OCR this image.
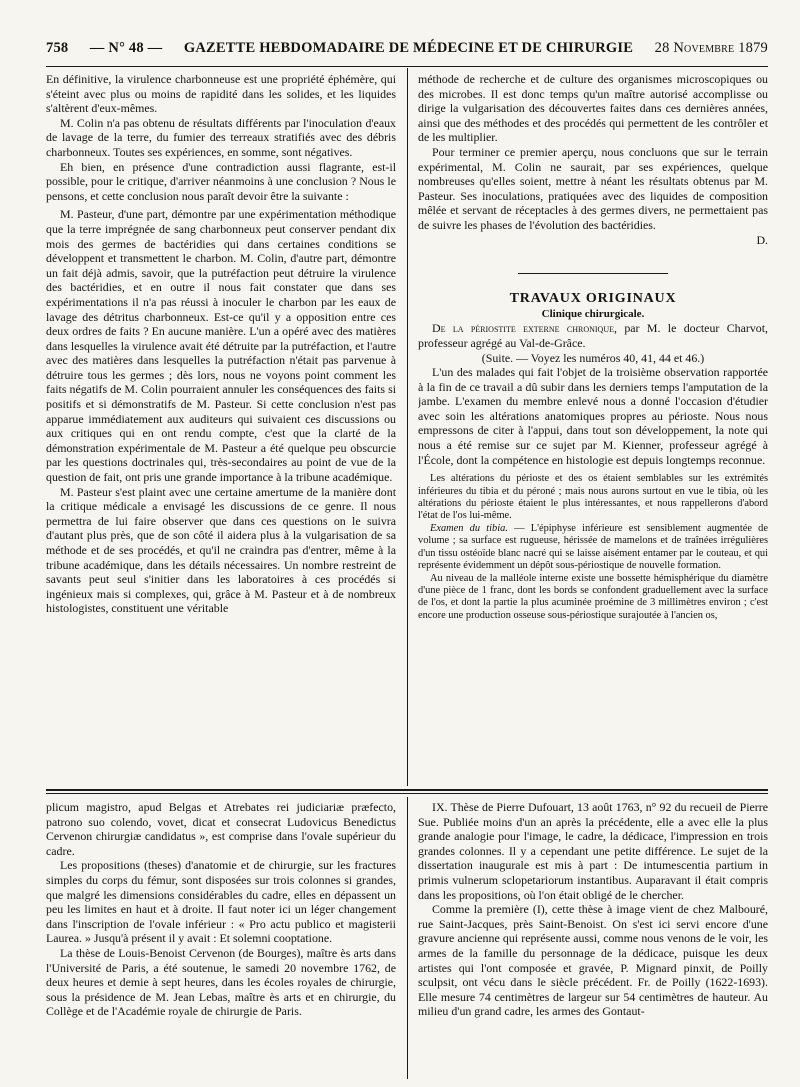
758 — N° 48 — GAZETTE HEBDOMADAIRE DE MÉDECINE ET DE CHIRURGIE 28 Novembre 1879

En définitive, la virulence charbonneuse est une propriété éphémère, qui s'éteint avec plus ou moins de rapidité dans les solides, et les liquides s'altèrent d'eux-mêmes.

M. Colin n'a pas obtenu de résultats différents par l'inoculation d'eaux de lavage de la terre, du fumier des terreaux stratifiés avec des débris charbonneux. Toutes ses expériences, en somme, sont négatives.

Eh bien, en présence d'une contradiction aussi flagrante, est-il possible, pour le critique, d'arriver néanmoins à une conclusion ? Nous le pensons, et cette conclusion nous paraît devoir être la suivante :

M. Pasteur, d'une part, démontre par une expérimentation méthodique que la terre imprégnée de sang charbonneux peut conserver pendant dix mois des germes de bactéridies qui dans certaines conditions se développent et transmettent le charbon. M. Colin, d'autre part, démontre un fait déjà admis, savoir, que la putréfaction peut détruire la virulence des bactéridies, et en outre il nous fait constater que dans ses expérimentations il n'a pas réussi à inoculer le charbon par les eaux de lavage des détritus charbonneux. Est-ce qu'il y a opposition entre ces deux ordres de faits ? En aucune manière. L'un a opéré avec des matières dans lesquelles la virulence avait été détruite par la putréfaction, et l'autre avec des matières dans lesquelles la putréfaction n'était pas parvenue à détruire tous les germes ; dès lors, nous ne voyons point comment les faits négatifs de M. Colin pourraient annuler les conséquences des faits si positifs et si démonstratifs de M. Pasteur. Si cette conclusion n'est pas apparue immédiatement aux auditeurs qui suivaient ces discussions ou aux critiques qui en ont rendu compte, c'est que la clarté de la démonstration expérimentale de M. Pasteur a été quelque peu obscurcie par les questions doctrinales qui, très-secondaires au point de vue de la question de fait, ont pris une grande importance à la tribune académique.

M. Pasteur s'est plaint avec une certaine amertume de la manière dont la critique médicale a envisagé les discussions de ce genre. Il nous permettra de lui faire observer que dans ces questions on le suivra d'autant plus près, que de son côté il aidera plus à la vulgarisation de sa méthode et de ses procédés, et qu'il ne craindra pas d'entrer, même à la tribune académique, dans les détails nécessaires. Un nombre restreint de savants peut seul s'initier dans les laboratoires à ces procédés si ingénieux mais si complexes, qui, grâce à M. Pasteur et à de nombreux histologistes, constituent une véritable

méthode de recherche et de culture des organismes microscopiques ou des microbes. Il est donc temps qu'un maître autorisé accomplisse ou dirige la vulgarisation des découvertes faites dans ces dernières années, ainsi que des méthodes et des procédés qui permettent de les contrôler et de les multiplier.

Pour terminer ce premier aperçu, nous concluons que sur le terrain expérimental, M. Colin ne saurait, par ses expériences, quelque nombreuses qu'elles soient, mettre à néant les résultats obtenus par M. Pasteur. Ses inoculations, pratiquées avec des liquides de composition mêlée et servant de réceptacles à des germes divers, ne permettaient pas de suivre les phases de l'évolution des bactéridies.

D.

TRAVAUX ORIGINAUX

Clinique chirurgicale.

De la périostite externe chronique, par M. le docteur Charvot, professeur agrégé au Val-de-Grâce.

(Suite. — Voyez les numéros 40, 41, 44 et 46.)

L'un des malades qui fait l'objet de la troisième observation rapportée à la fin de ce travail a dû subir dans les derniers temps l'amputation de la jambe. L'examen du membre enlevé nous a donné l'occasion d'étudier avec soin les altérations anatomiques propres au périoste. Nous nous empressons de citer à l'appui, dans tout son développement, la note qui nous a été remise sur ce sujet par M. Kienner, professeur agrégé à l'École, dont la compétence en histologie est depuis longtemps reconnue.

Les altérations du périoste et des os étaient semblables sur les extrémités inférieures du tibia et du péroné ; mais nous aurons surtout en vue le tibia, où les altérations du périoste étaient le plus intéressantes, et nous rappellerons d'abord l'état de l'os lui-même.

Examen du tibia. — L'épiphyse inférieure est sensiblement augmentée de volume ; sa surface est rugueuse, hérissée de mamelons et de traînées irrégulières d'un tissu ostéoïde blanc nacré qui se laisse aisément entamer par le couteau, et qui représente évidemment un dépôt sous-périostique de nouvelle formation.

Au niveau de la malléole interne existe une bossette hémisphérique du diamètre d'une pièce de 1 franc, dont les bords se confondent graduellement avec la surface de l'os, et dont la partie la plus acuminée proémine de 3 millimètres environ ; c'est encore une production osseuse sous-périostique surajoutée à l'ancien os,

plicum magistro, apud Belgas et Atrebates rei judiciariæ præfecto, patrono suo colendo, vovet, dicat et consecrat Ludovicus Benedictus Cervenon chirurgiæ candidatus », est comprise dans l'ovale supérieur du cadre.

Les propositions (theses) d'anatomie et de chirurgie, sur les fractures simples du corps du fémur, sont disposées sur trois colonnes si grandes, que malgré les dimensions considérables du cadre, elles en dépassent un peu les limites en haut et à droite. Il faut noter ici un léger changement dans l'inscription de l'ovale inférieur : « Pro actu publico et magisterii Laurea. » Jusqu'à présent il y avait : Et solemni cooptatione.

La thèse de Louis-Benoist Cervenon (de Bourges), maître ès arts dans l'Université de Paris, a été soutenue, le samedi 20 novembre 1762, de deux heures et demie à sept heures, dans les écoles royales de chirurgie, sous la présidence de M. Jean Lebas, maître ès arts et en chirurgie, du Collège et de l'Académie royale de chirurgie de Paris.

IX. Thèse de Pierre Dufouart, 13 août 1763, n° 92 du recueil de Pierre Sue. Publiée moins d'un an après la précédente, elle a avec elle la plus grande analogie pour l'image, le cadre, la dédicace, l'impression en trois grandes colonnes. Il y a cependant une petite différence. Le sujet de la dissertation inaugurale est mis à part : De intumescentia partium in primis vulnerum sclopetariorum instantibus. Auparavant il était compris dans les propositions, où l'on était obligé de le chercher.

Comme la première (I), cette thèse à image vient de chez Malbouré, rue Saint-Jacques, près Saint-Benoist. On s'est ici servi encore d'une gravure ancienne qui représente aussi, comme nous venons de le voir, les armes de la famille du personnage de la dédicace, puisque les deux artistes qui l'ont composée et gravée, P. Mignard pinxit, de Poilly sculpsit, ont vécu dans le siècle précédent. Fr. de Poilly (1622-1693). Elle mesure 74 centimètres de largeur sur 54 centimètres de hauteur. Au milieu d'un grand cadre, les armes des Gontaut-
